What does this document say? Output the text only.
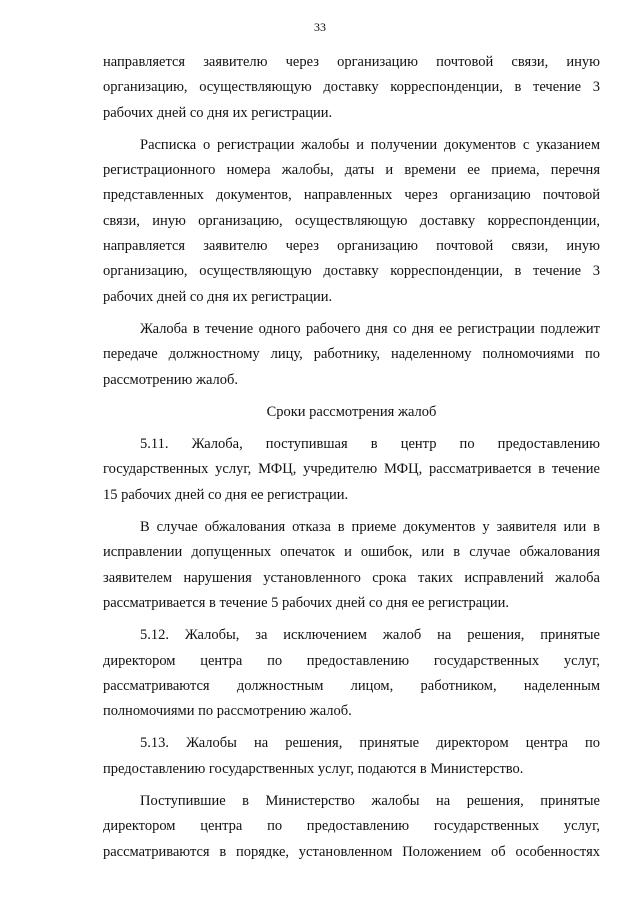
33
направляется заявителю через организацию почтовой связи, иную
организацию, осуществляющую доставку корреспонденции, в течение 3
рабочих дней со дня их регистрации.
Расписка о регистрации жалобы и получении документов с указанием
регистрационного номера жалобы, даты и времени ее приема, перечня
представленных документов, направленных через организацию почтовой
связи, иную организацию, осуществляющую доставку корреспонденции,
направляется заявителю через организацию почтовой связи, иную
организацию, осуществляющую доставку корреспонденции, в течение 3
рабочих дней со дня их регистрации.
Жалоба в течение одного рабочего дня со дня ее регистрации подлежит
передаче должностному лицу, работнику, наделенному полномочиями по
рассмотрению жалоб.
Сроки рассмотрения жалоб
5.11. Жалоба, поступившая в центр по предоставлению
государственных услуг, МФЦ, учредителю МФЦ, рассматривается в течение
15 рабочих дней со дня ее регистрации.
В случае обжалования отказа в приеме документов у заявителя или в
исправлении допущенных опечаток и ошибок, или в случае обжалования
заявителем нарушения установленного срока таких исправлений жалоба
рассматривается в течение 5 рабочих дней со дня ее регистрации.
5.12. Жалобы, за исключением жалоб на решения, принятые
директором центра по предоставлению государственных услуг,
рассматриваются должностным лицом, работником, наделенным
полномочиями по рассмотрению жалоб.
5.13. Жалобы на решения, принятые директором центра по
предоставлению государственных услуг, подаются в Министерство.
Поступившие в Министерство жалобы на решения, принятые
директором центра по предоставлению государственных услуг,
рассматриваются в порядке, установленном Положением об особенностях
